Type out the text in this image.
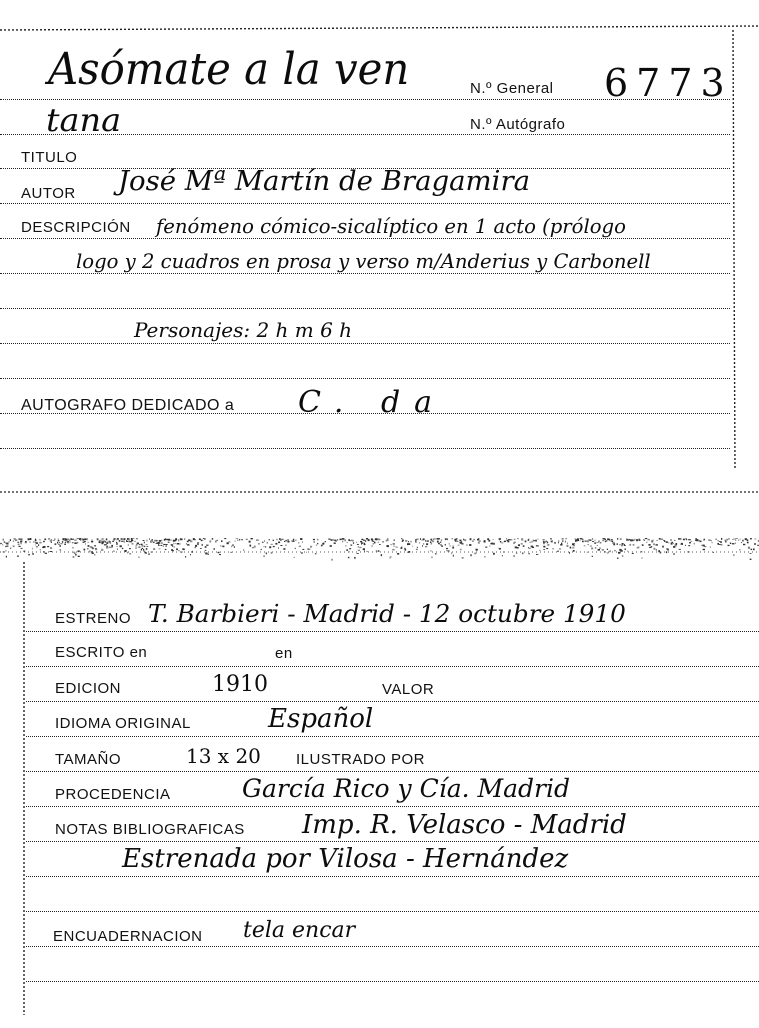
Asómate a la ven
tana
N.º General 6773
N.º Autógrafo
TITULO
AUTOR José Mª Martín de Bragamira
DESCRIPCIÓN fenómeno cómico-sicalíptico en 1 acto (prólogo
logo y 2 cuadros en prosa y verso m/Anderius y Carbonell
Personajes: 2 h m 6 h
AUTOGRAFO DEDICADO a C. da
ESTRENO T. Barbieri - Madrid - 12 octubre 1910
ESCRITO en	en
EDICION	1910	VALOR
IDIOMA ORIGINAL	Español
TAMAÑO	13 x 20 ILUSTRADO POR
PROCEDENCIA	García Rico y Cía. Madrid
NOTAS BIBLIOGRAFICAS Imp. R. Velasco - Madrid
Estrenada por Vilosa - Hernández
ENCUADERNACION tela encar
